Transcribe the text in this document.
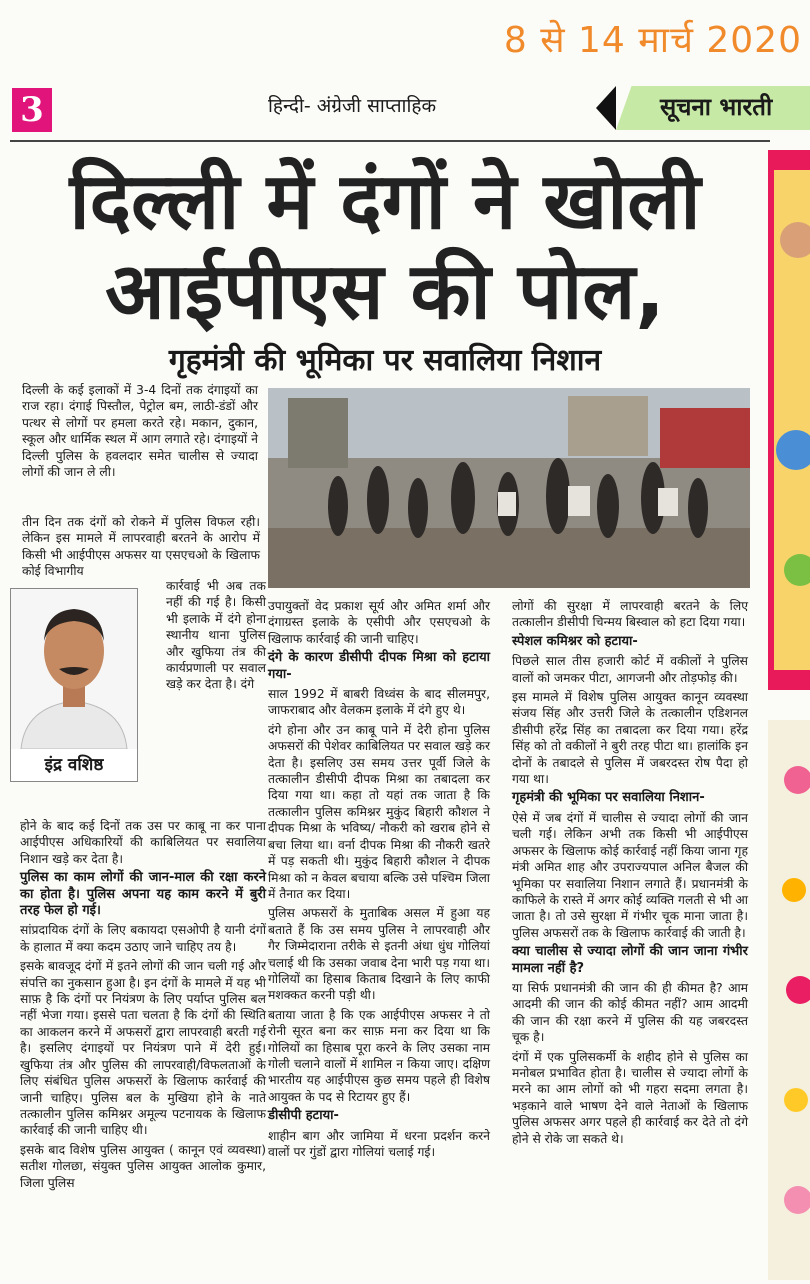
8 से 14 मार्च 2020
3	हिन्दी- अंग्रेजी साप्ताहिक	सूचना भारती
दिल्ली में दंगों ने खोली
आईपीएस की पोल,
गृहमंत्री की भूमिका पर सवालिया निशान

दिल्ली के कई इलाकों में 3-4 दिनों तक दंगाइयों का राज रहा। दंगाई पिस्तौल, पेट्रोल बम, लाठी-डंडों और पत्थर से लोगों पर हमला करते रहे। मकान, दुकान, स्कूल और धार्मिक स्थल में आग लगाते रहे। दंगाइयों ने दिल्ली पुलिस के हवलदार समेत चालीस से ज्यादा लोगों की जान ले ली।

तीन दिन तक दंगों को रोकने में पुलिस विफल रही। लेकिन इस मामले में लापरवाही बरतने के आरोप में किसी भी आईपीएस अफसर या एसएचओ के खिलाफ कोई विभागीय

इंद्र वशिष्ठ

कार्रवाई भी अब तक नहीं की गई है। किसी भी इलाके में दंगे होना स्थानीय थाना पुलिस और खुफिया तंत्र की कार्यप्रणाली पर सवाल खड़े कर देता है। दंगे

होने के बाद कई दिनों तक उस पर काबू ना कर पाना आईपीएस अधिकारियों की काबिलियत पर सवालिया निशान खड़े कर देता है।

पुलिस का काम लोगों की जान-माल की रक्षा करने का होता है। पुलिस अपना यह काम करने में बुरी तरह फेल हो गई।

सांप्रदायिक दंगों के लिए बकायदा एसओपी है यानी दंगों के हालात में क्या कदम उठाए जाने चाहिए तय है।

इसके बावजूद दंगों में इतने लोगों की जान चली गई और संपत्ति का नुकसान हुआ है। इन दंगों के मामले में यह भी साफ़ है कि दंगों पर नियंत्रण के लिए पर्याप्त पुलिस बल नहीं भेजा गया। इससे पता चलता है कि दंगों की स्थिति का आकलन करने में अफसरों द्वारा लापरवाही बरती गई है। इसलिए दंगाइयों पर नियंत्रण पाने में देरी हुई। खुफिया तंत्र और पुलिस की लापरवाही/विफलताओं के लिए संबंधित पुलिस अफसरों के खिलाफ कार्रवाई की जानी चाहिए। पुलिस बल के मुखिया होने के नाते तत्कालीन पुलिस कमिश्नर अमूल्य पटनायक के खिलाफ कार्रवाई की जानी चाहिए थी।

इसके बाद विशेष पुलिस आयुक्त ( कानून एवं व्यवस्था) सतीश गोलछा, संयुक्त पुलिस आयुक्त आलोक कुमार, जिला पुलिस

उपायुक्तों वेद प्रकाश सूर्य और अमित शर्मा और दंगाग्रस्त इलाके के एसीपी और एसएचओ के खिलाफ कार्रवाई की जानी चाहिए।

दंगे के कारण डीसीपी दीपक मिश्रा को हटाया गया-

साल 1992 में बाबरी विध्वंस के बाद सीलमपुर, जाफराबाद और वेलकम इलाके में दंगे हुए थे।

दंगे होना और उन काबू पाने में देरी होना पुलिस अफसरों की पेशेवर काबिलियत पर सवाल खड़े कर देता है। इसलिए उस समय उत्तर पूर्वी जिले के तत्कालीन डीसीपी दीपक मिश्रा का तबादला कर दिया गया था। कहा तो यहां तक जाता है कि तत्कालीन पुलिस कमिश्नर मुकुंद बिहारी कौशल ने दीपक मिश्रा के भविष्य/ नौकरी को खराब होने से बचा लिया था। वर्ना दीपक मिश्रा की नौकरी खतरे में पड़ सकती थी। मुकुंद बिहारी कौशल ने दीपक मिश्रा को न केवल बचाया बल्कि उसे पश्चिम जिला में तैनात कर दिया।

पुलिस अफसरों के मुताबिक असल में हुआ यह बताते हैं कि उस समय पुलिस ने लापरवाही और गैर जिम्मेदाराना तरीके से इतनी अंधा धुंध गोलियां चलाई थी कि उसका जवाब देना भारी पड़ गया था। गोलियों का हिसाब किताब दिखाने के लिए काफी मशक्कत करनी पड़ी थी।

बताया जाता है कि एक आईपीएस अफसर ने तो रोनी सूरत बना कर साफ़ मना कर दिया था कि गोलियों का हिसाब पूरा करने के लिए उसका नाम गोली चलाने वालों में शामिल न किया जाए। दक्षिण भारतीय यह आईपीएस कुछ समय पहले ही विशेष आयुक्त के पद से रिटायर हुए हैं।

डीसीपी हटाया-

शाहीन बाग और जामिया में धरना प्रदर्शन करने वालों पर गुंडों द्वारा गोलियां चलाई गई।

लोगों की सुरक्षा में लापरवाही बरतने के लिए तत्कालीन डीसीपी चिन्मय बिस्वाल को हटा दिया गया।

स्पेशल कमिश्नर को हटाया-

पिछले साल तीस हजारी कोर्ट में वकीलों ने पुलिस वालों को जमकर पीटा, आगजनी और तोड़फोड़ की।

इस मामले में विशेष पुलिस आयुक्त कानून व्यवस्था संजय सिंह और उत्तरी जिले के तत्कालीन एडिशनल डीसीपी हरेंद्र सिंह का तबादला कर दिया गया। हरेंद्र सिंह को तो वकीलों ने बुरी तरह पीटा था। हालांकि इन दोनों के तबादले से पुलिस में जबरदस्त रोष पैदा हो गया था।

गृहमंत्री की भूमिका पर सवालिया निशान-

ऐसे में जब दंगों में चालीस से ज्यादा लोगों की जान चली गई। लेकिन अभी तक किसी भी आईपीएस अफसर के खिलाफ कोई कार्रवाई नहीं किया जाना गृह मंत्री अमित शाह और उपराज्यपाल अनिल बैजल की भूमिका पर सवालिया निशान लगाते हैं। प्रधानमंत्री के काफिले के रास्ते में अगर कोई व्यक्ति गलती से भी आ जाता है। तो उसे सुरक्षा में गंभीर चूक माना जाता है। पुलिस अफसरों तक के खिलाफ कार्रवाई की जाती है।

क्या चालीस से ज्यादा लोगों की जान जाना गंभीर मामला नहीं है?

या सिर्फ प्रधानमंत्री की जान की ही कीमत है? आम आदमी की जान की कोई कीमत नहीं? आम आदमी की जान की रक्षा करने में पुलिस की यह जबरदस्त चूक है।

दंगों में एक पुलिसकर्मी के शहीद होने से पुलिस का मनोबल प्रभावित होता है। चालीस से ज्यादा लोगों के मरने का आम लोगों को भी गहरा सदमा लगता है। भड़काने वाले भाषण देने वाले नेताओं के खिलाफ पुलिस अफसर अगर पहले ही कार्रवाई कर देते तो दंगे होने से रोके जा सकते थे।
